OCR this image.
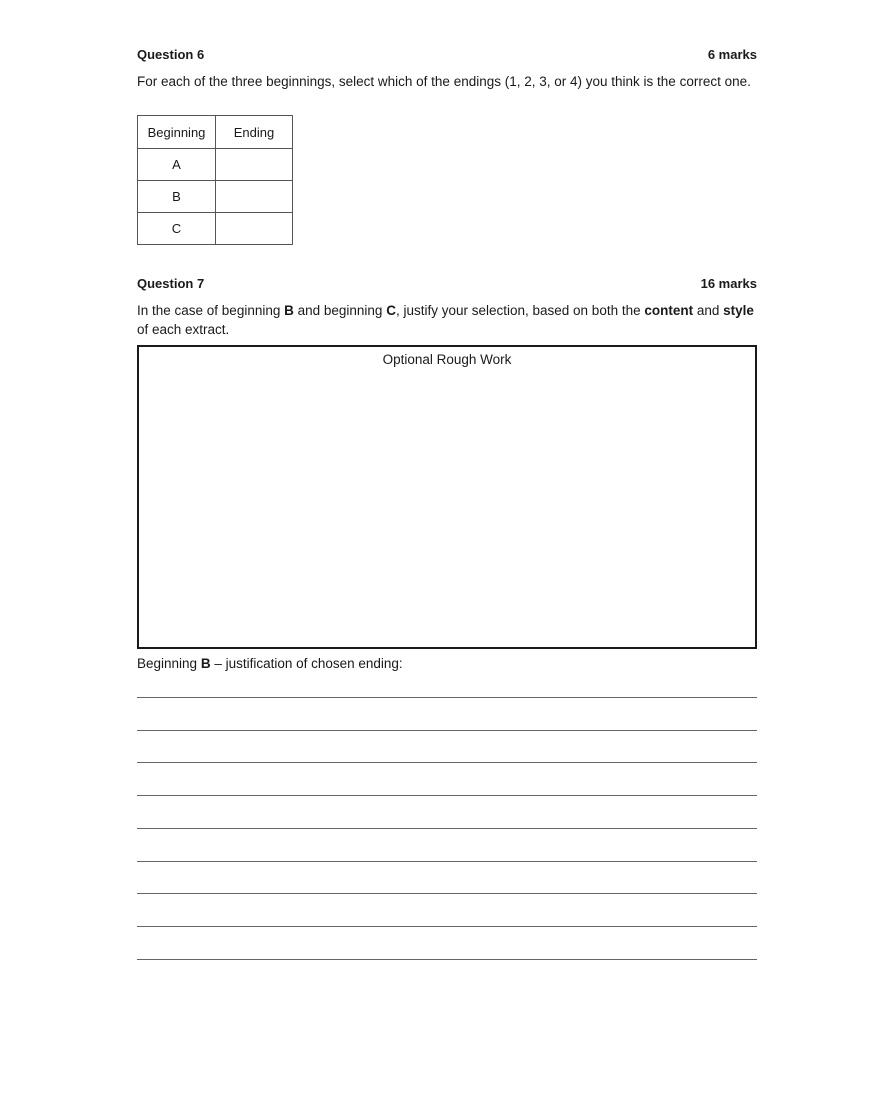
Question 6	6 marks
For each of the three beginnings, select which of the endings (1, 2, 3, or 4) you think is the correct one.
Beginning	Ending
A	
B	
C	
Question 7	16 marks
In the case of beginning B and beginning C, justify your selection, based on both the content and style of each extract.
Optional Rough Work
Beginning B – justification of chosen ending:
